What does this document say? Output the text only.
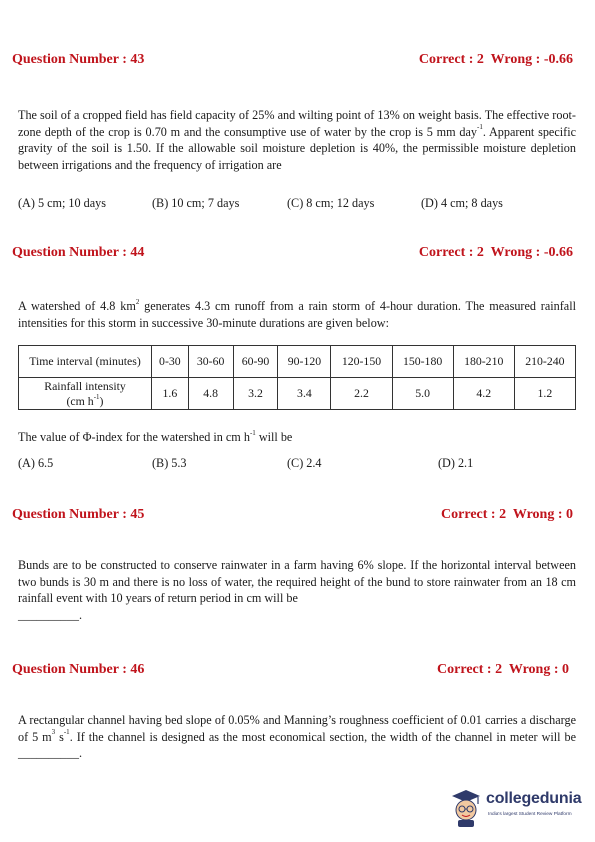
Question Number : 43	Correct : 2  Wrong : -0.66
The soil of a cropped field has field capacity of 25% and wilting point of 13% on weight basis. The effective root-zone depth of the crop is 0.70 m and the consumptive use of water by the crop is 5 mm day$^{-1}$. Apparent specific gravity of the soil is 1.50. If the allowable soil moisture depletion is 40%, the permissible moisture depletion between irrigations and the frequency of irrigation are
(A) 5 cm; 10 days	(B) 10 cm; 7 days	(C) 8 cm; 12 days	(D) 4 cm; 8 days
Question Number : 44	Correct : 2  Wrong : -0.66
A watershed of 4.8 $km^2$ generates 4.3 cm runoff from a rain storm of 4-hour duration. The measured rainfall intensities for this storm in successive 30-minute durations are given below:
Time interval (minutes)	0-30	30-60	60-90	90-120	120-150	150-180	180-210	210-240
Rainfall intensity
(cm $h^{-1}$)	1.6	4.8	3.2	3.4	2.2	5.0	4.2	1.2
The value of Φ-index for the watershed in cm $h^{-1}$ will be
(A) 6.5	(B) 5.3	(C) 2.4	(D) 2.1
Question Number : 45	Correct : 2  Wrong : 0
Bunds are to be constructed to conserve rainwater in a farm having 6% slope. If the horizontal interval between two bunds is 30 m and there is no loss of water, the required height of the bund to store rainwater from an 18 cm rainfall event with 10 years of return period in cm will be
__________.
Question Number : 46	Correct : 2  Wrong : 0
A rectangular channel having bed slope of 0.05% and Manning’s roughness coefficient of 0.01 carries a discharge of 5 $m^3$ $s^{-1}$. If the channel is designed as the most economical section, the width of the channel in meter will be __________.
collegedunia
India's largest Student Review Platform
